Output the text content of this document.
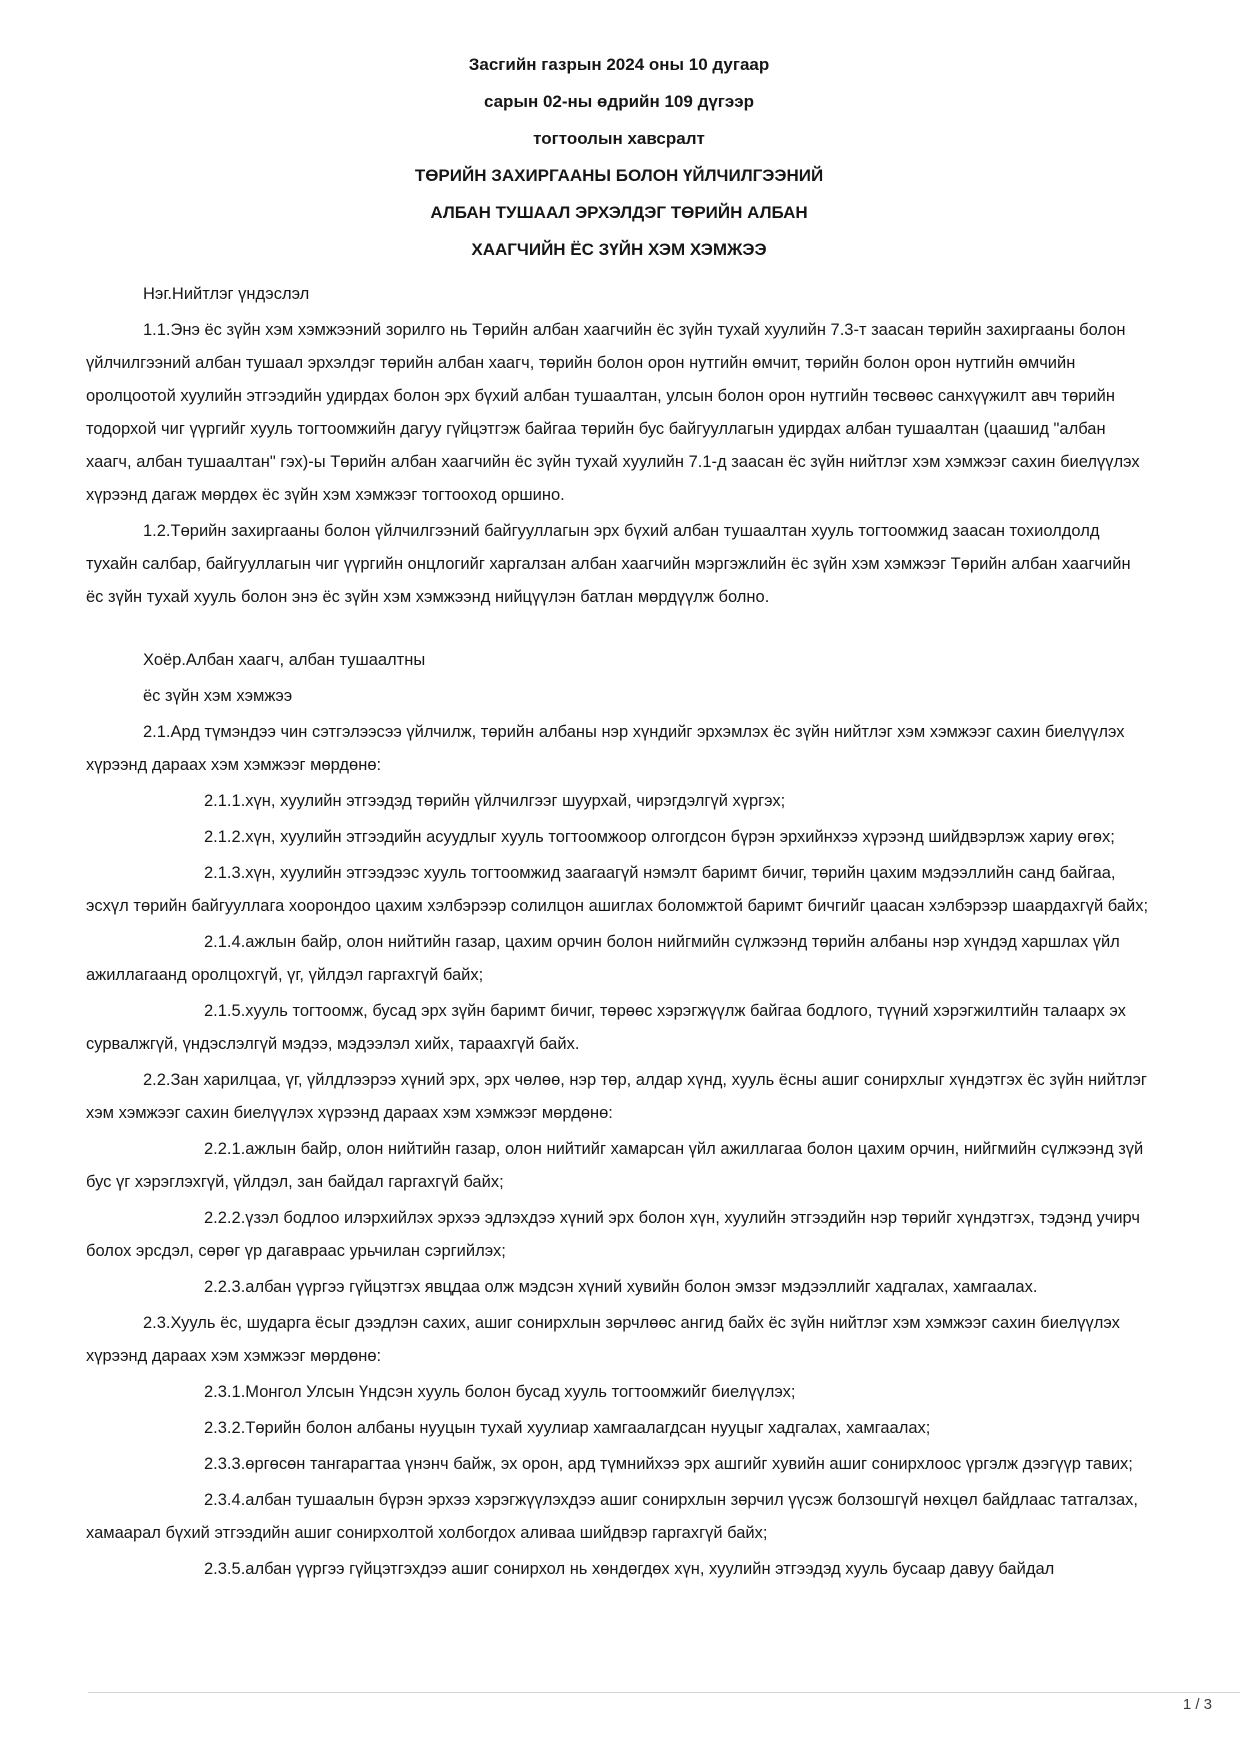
Засгийн газрын 2024 оны 10 дугаар
сарын 02-ны өдрийн 109 дүгээр
тогтоолын хавсралт
ТӨРИЙН ЗАХИРГААНЫ БОЛОН ҮЙЛЧИЛГЭЭНИЙ
АЛБАН ТУШААЛ ЭРХЭЛДЭГ ТӨРИЙН АЛБАН
ХААГЧИЙН ЁС ЗҮЙН ХЭМ ХЭМЖЭЭ

Нэг.Нийтлэг үндэслэл

1.1.Энэ ёс зүйн хэм хэмжээний зорилго нь Төрийн албан хаагчийн ёс зүйн тухай хуулийн 7.3-т заасан төрийн захиргааны болон үйлчилгээний албан тушаал эрхэлдэг төрийн албан хаагч, төрийн болон орон нутгийн өмчит, төрийн болон орон нутгийн өмчийн оролцоотой хуулийн этгээдийн удирдах болон эрх бүхий албан тушаалтан, улсын болон орон нутгийн төсвөөс санхүүжилт авч төрийн тодорхой чиг үүргийг хууль тогтоомжийн дагуу гүйцэтгэж байгаа төрийн бус байгууллагын удирдах албан тушаалтан (цаашид "албан хаагч, албан тушаалтан" гэх)-ы Төрийн албан хаагчийн ёс зүйн тухай хуулийн 7.1-д заасан ёс зүйн нийтлэг хэм хэмжээг сахин биелүүлэх хүрээнд дагаж мөрдөх ёс зүйн хэм хэмжээг тогтооход оршино.

1.2.Төрийн захиргааны болон үйлчилгээний байгууллагын эрх бүхий албан тушаалтан хууль тогтоомжид заасан тохиолдолд тухайн салбар, байгууллагын чиг үүргийн онцлогийг харгалзан албан хаагчийн мэргэжлийн ёс зүйн хэм хэмжээг Төрийн албан хаагчийн ёс зүйн тухай хууль болон энэ ёс зүйн хэм хэмжээнд нийцүүлэн батлан мөрдүүлж болно.

Хоёр.Албан хаагч, албан тушаалтны

ёс зүйн хэм хэмжээ

2.1.Ард түмэндээ чин сэтгэлээсээ үйлчилж, төрийн албаны нэр хүндийг эрхэмлэх ёс зүйн нийтлэг хэм хэмжээг сахин биелүүлэх хүрээнд дараах хэм хэмжээг мөрдөнө:

2.1.1.хүн, хуулийн этгээдэд төрийн үйлчилгээг шуурхай, чирэгдэлгүй хүргэх;

2.1.2.хүн, хуулийн этгээдийн асуудлыг хууль тогтоомжоор олгогдсон бүрэн эрхийнхээ хүрээнд шийдвэрлэж хариу өгөх;

2.1.3.хүн, хуулийн этгээдээс хууль тогтоомжид заагаагүй нэмэлт баримт бичиг, төрийн цахим мэдээллийн санд байгаа, эсхүл төрийн байгууллага хоорондоо цахим хэлбэрээр солилцон ашиглах боломжтой баримт бичгийг цаасан хэлбэрээр шаардахгүй байх;

2.1.4.ажлын байр, олон нийтийн газар, цахим орчин болон нийгмийн сүлжээнд төрийн албаны нэр хүндэд харшлах үйл ажиллагаанд оролцохгүй, үг, үйлдэл гаргахгүй байх;

2.1.5.хууль тогтоомж, бусад эрх зүйн баримт бичиг, төрөөс хэрэгжүүлж байгаа бодлого, түүний хэрэгжилтийн талаарх эх сурвалжгүй, үндэслэлгүй мэдээ, мэдээлэл хийх, тараахгүй байх.

2.2.Зан харилцаа, үг, үйлдлээрээ хүний эрх, эрх чөлөө, нэр төр, алдар хүнд, хууль ёсны ашиг сонирхлыг хүндэтгэх ёс зүйн нийтлэг хэм хэмжээг сахин биелүүлэх хүрээнд дараах хэм хэмжээг мөрдөнө:

2.2.1.ажлын байр, олон нийтийн газар, олон нийтийг хамарсан үйл ажиллагаа болон цахим орчин, нийгмийн сүлжээнд зүй бус үг хэрэглэхгүй, үйлдэл, зан байдал гаргахгүй байх;

2.2.2.үзэл бодлоо илэрхийлэх эрхээ эдлэхдээ хүний эрх болон хүн, хуулийн этгээдийн нэр төрийг хүндэтгэх, тэдэнд учирч болох эрсдэл, сөрөг үр дагавраас урьчилан сэргийлэх;

2.2.3.албан үүргээ гүйцэтгэх явцдаа олж мэдсэн хүний хувийн болон эмзэг мэдээллийг хадгалах, хамгаалах.

2.3.Хууль ёс, шударга ёсыг дээдлэн сахих, ашиг сонирхлын зөрчлөөс ангид байх ёс зүйн нийтлэг хэм хэмжээг сахин биелүүлэх хүрээнд дараах хэм хэмжээг мөрдөнө:

2.3.1.Монгол Улсын Үндсэн хууль болон бусад хууль тогтоомжийг биелүүлэх;

2.3.2.Төрийн болон албаны нууцын тухай хуулиар хамгаалагдсан нууцыг хадгалах, хамгаалах;

2.3.3.өргөсөн тангарагтаа үнэнч байж, эх орон, ард түмнийхээ эрх ашгийг хувийн ашиг сонирхлоос үргэлж дээгүүр тавих;

2.3.4.албан тушаалын бүрэн эрхээ хэрэгжүүлэхдээ ашиг сонирхлын зөрчил үүсэж болзошгүй нөхцөл байдлаас татгалзах, хамаарал бүхий этгээдийн ашиг сонирхолтой холбогдох аливаа шийдвэр гаргахгүй байх;

2.3.5.албан үүргээ гүйцэтгэхдээ ашиг сонирхол нь хөндөгдөх хүн, хуулийн этгээдэд хууль бусаар давуу байдал

1 / 3
